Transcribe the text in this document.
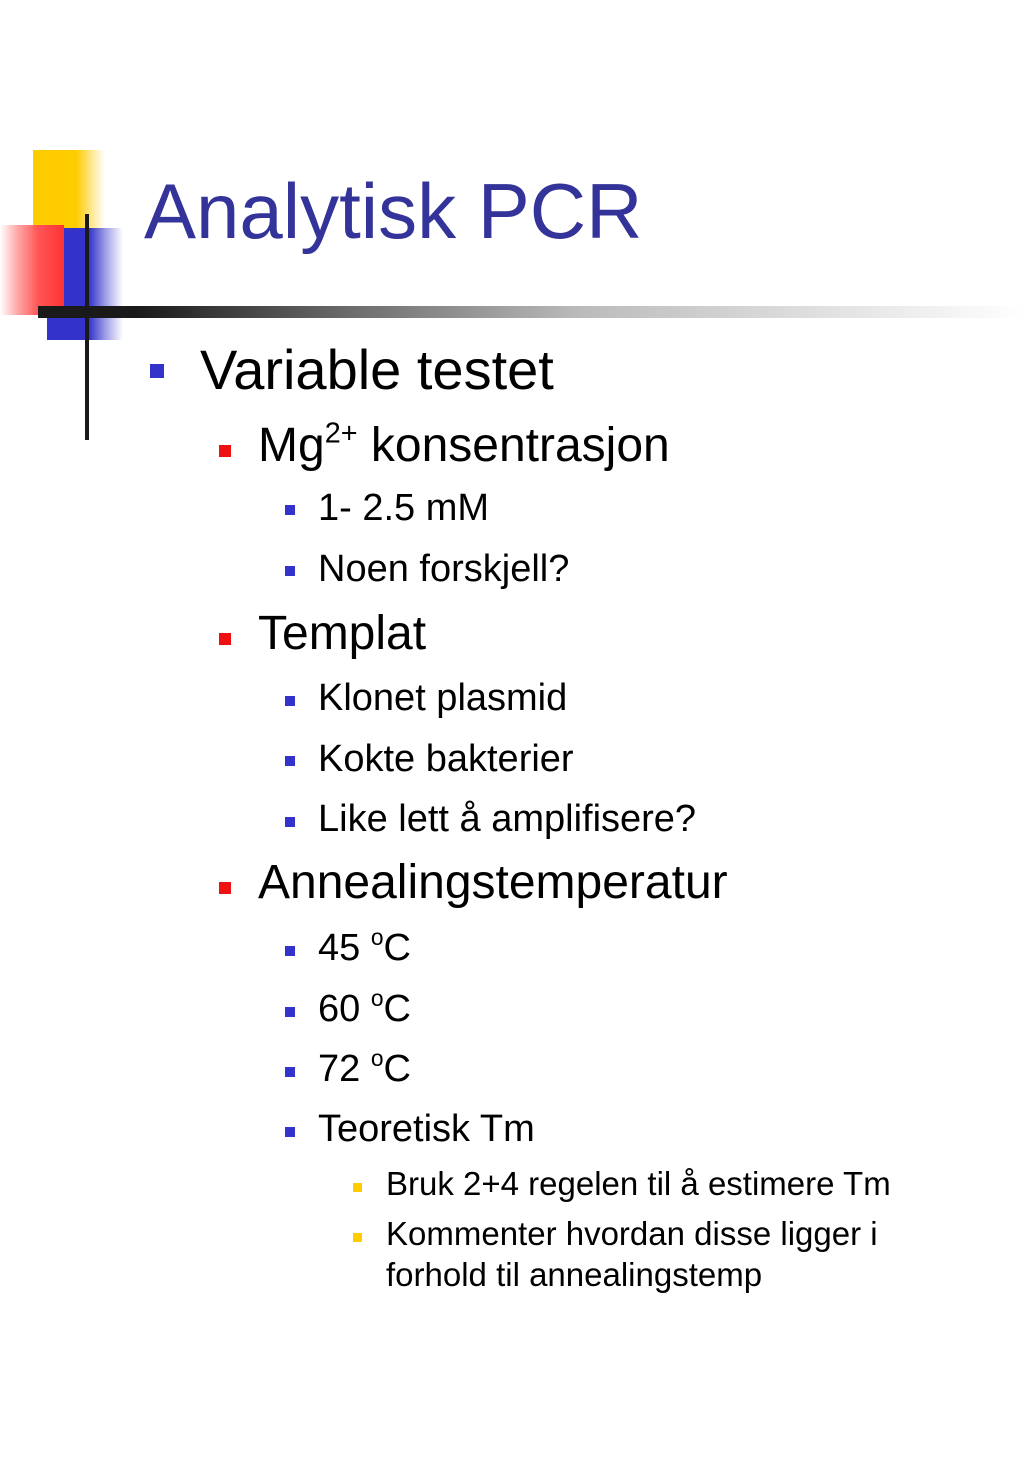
Analytisk PCR
Variable testet
$Mg^{2+}$ konsentrasjon
1- 2.5 mM
Noen forskjell?
Templat
Klonet plasmid
Kokte bakterier
Like lett å amplifisere?
Annealingstemperatur
45 $^o$C
60 $^o$C
72 $^o$C
Teoretisk Tm
Bruk 2+4 regelen til å estimere Tm
Kommenter hvordan disse ligger i
forhold til annealingstemp
